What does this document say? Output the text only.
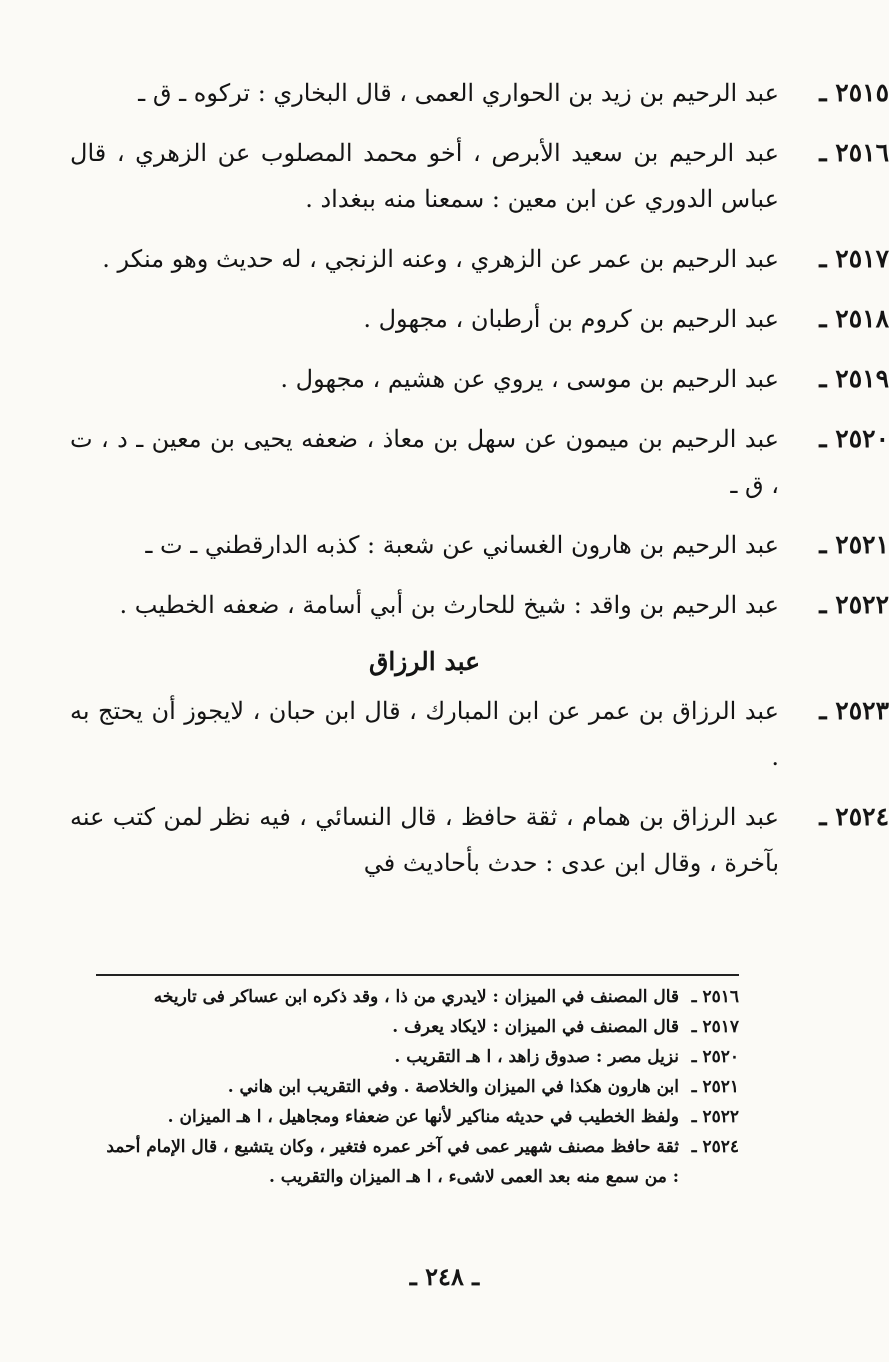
٢٥١٥ ـ
عبد الرحيم بن زيد بن الحواري العمى ، قال البخاري : تركوه ـ ق ـ
٢٥١٦ ـ
عبد الرحيم بن سعيد الأبرص ، أخو محمد المصلوب عن الزهري ، قال عباس الدوري عن ابن معين : سمعنا منه ببغداد .
٢٥١٧ ـ
عبد الرحيم بن عمر عن الزهري ، وعنه الزنجي ، له حديث وهو منكر .
٢٥١٨ ـ
عبد الرحيم بن كروم بن أرطبان ، مجهول .
٢٥١٩ ـ
عبد الرحيم بن موسى ، يروي عن هشيم ، مجهول .
٢٥٢٠ ـ
عبد الرحيم بن ميمون عن سهل بن معاذ ، ضعفه يحيى بن معين ـ د ، ت ، ق ـ
٢٥٢١ ـ
عبد الرحيم بن هارون الغساني عن شعبة : كذبه الدارقطني ـ ت ـ
٢٥٢٢ ـ
عبد الرحيم بن واقد : شيخ للحارث بن أبي أسامة ، ضعفه الخطيب .
عبد الرزاق
٢٥٢٣ ـ
عبد الرزاق بن عمر عن ابن المبارك ، قال ابن حبان ، لايجوز أن يحتج به .
٢٥٢٤ ـ
عبد الرزاق بن همام ، ثقة حافظ ، قال النسائي ، فيه نظر لمن كتب عنه بآخرة ، وقال ابن عدى : حدث بأحاديث في
٢٥١٦ ـ
قال المصنف في الميزان : لايدري من ذا ، وقد ذكره ابن عساكر فى تاريخه
٢٥١٧ ـ
قال المصنف في الميزان : لايكاد يعرف .
٢٥٢٠ ـ
نزيل مصر : صدوق زاهد ، ا هـ التقريب .
٢٥٢١ ـ
ابن هارون هكذا في الميزان والخلاصة . وفي التقريب ابن هاني .
٢٥٢٢ ـ
ولفظ الخطيب في حديثه مناكير لأنها عن ضعفاء ومجاهيل ، ا هـ الميزان .
٢٥٢٤ ـ
ثقة حافظ مصنف شهير عمى في آخر عمره فتغير ، وكان يتشيع ، قال الإمام أحمد : من سمع منه بعد العمى لاشىء ، ا هـ الميزان والتقريب .
ـ ٢٤٨ ـ
